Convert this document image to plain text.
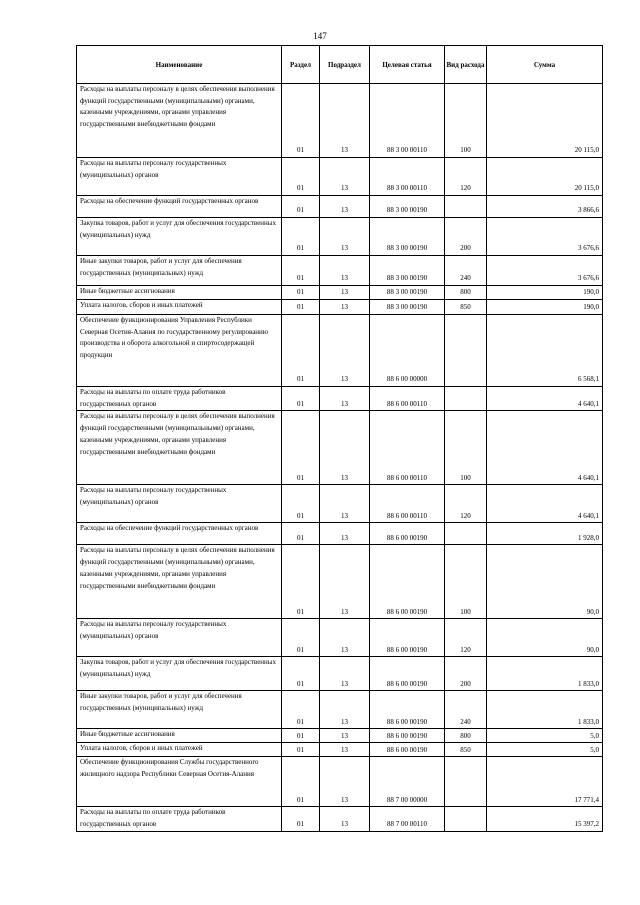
147
Наименование	Раздел	Подраздел	Целевая статья	Вид расхода	Сумма
Расходы на выплаты персоналу в целях обеспечения выполнения функций государственными (муниципальными) органами, казенными учреждениями, органами управления государственными внебюджетными фондами	01	13	88 3 00 00110	100	20 115,0
Расходы на выплаты персоналу государственных (муниципальных) органов	01	13	88 3 00 00110	120	20 115,0
Расходы на обеспечение функций государственных органов	01	13	88 3 00 00190		3 866,6
Закупка товаров, работ и услуг для обеспечения государственных (муниципальных) нужд	01	13	88 3 00 00190	200	3 676,6
Иные закупки товаров, работ и услуг для обеспечения государственных (муниципальных) нужд	01	13	88 3 00 00190	240	3 676,6
Иные бюджетные ассигнования	01	13	88 3 00 00190	800	190,0
Уплата налогов, сборов и иных платежей	01	13	88 3 00 00190	850	190,0
Обеспечение функционирования Управления Республики Северная Осетия-Алания по государственному регулированию производства и оборота алкогольной и спиртосодержащей продукции	01	13	88 6 00 00000		6 568,1
Расходы на выплаты по оплате труда работников государственных органов	01	13	88 6 00 00110		4 640,1
Расходы на выплаты персоналу в целях обеспечения выполнения функций государственными (муниципальными) органами, казенными учреждениями, органами управления государственными внебюджетными фондами	01	13	88 6 00 00110	100	4 640,1
Расходы на выплаты персоналу государственных (муниципальных) органов	01	13	88 6 00 00110	120	4 640,1
Расходы на обеспечение функций государственных органов	01	13	88 6 00 00190		1 928,0
Расходы на выплаты персоналу в целях обеспечения выполнения функций государственными (муниципальными) органами, казенными учреждениями, органами управления государственными внебюджетными фондами	01	13	88 6 00 00190	100	90,0
Расходы на выплаты персоналу государственных (муниципальных) органов	01	13	88 6 00 00190	120	90,0
Закупка товаров, работ и услуг для обеспечения государственных (муниципальных) нужд	01	13	88 6 00 00190	200	1 833,0
Иные закупки товаров, работ и услуг для обеспечения государственных (муниципальных) нужд	01	13	88 6 00 00190	240	1 833,0
Иные бюджетные ассигнования	01	13	88 6 00 00190	800	5,0
Уплата налогов, сборов и иных платежей	01	13	88 6 00 00190	850	5,0
Обеспечение функционирования Службы государственного жилищного надзора Республики Северная Осетия-Алания	01	13	88 7 00 00000		17 771,4
Расходы на выплаты по оплате труда работников государственных органов	01	13	88 7 00 00110		15 397,2
